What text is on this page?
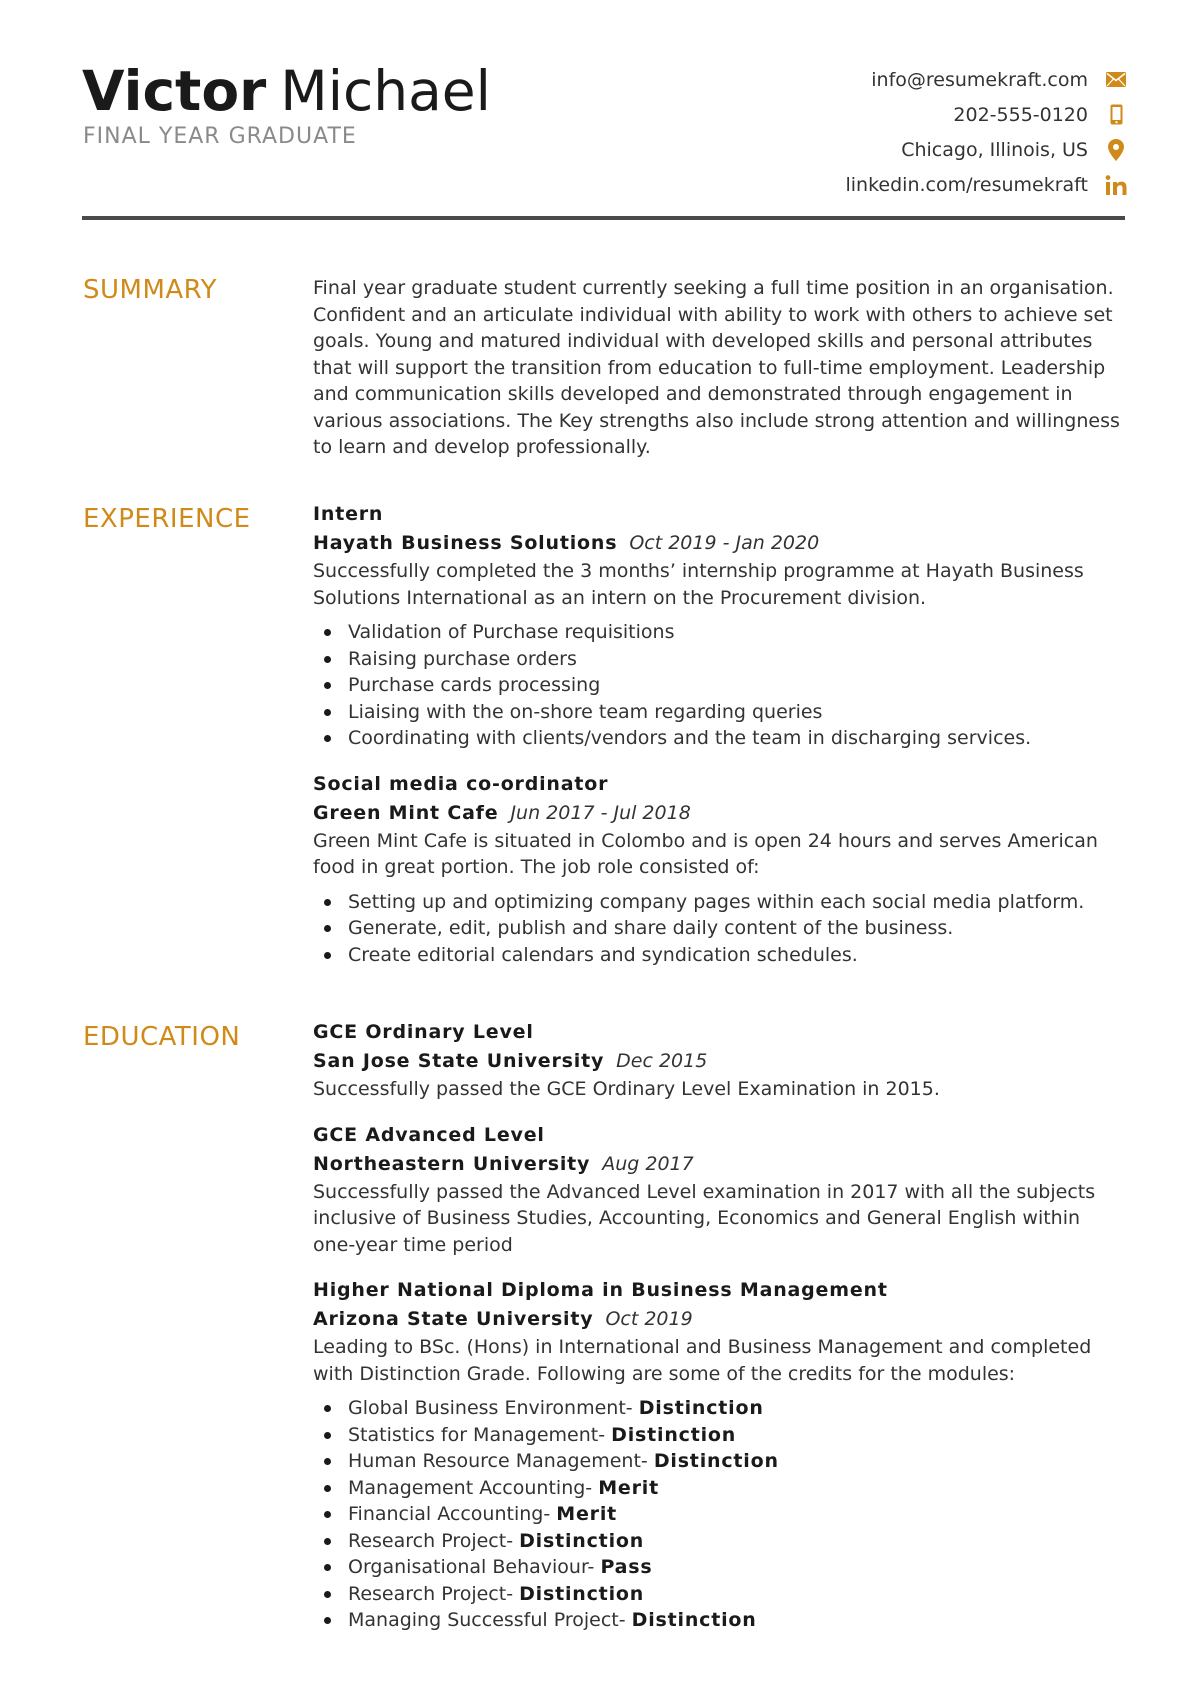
Victor Michael
FINAL YEAR GRADUATE
info@resumekraft.com
202-555-0120
Chicago, Illinois, US
linkedin.com/resumekraft
SUMMARY	Final year graduate student currently seeking a full time position in an organisation. Confident and an articulate individual with ability to work with others to achieve set goals. Young and matured individual with developed skills and personal attributes that will support the transition from education to full-time employment. Leadership and communication skills developed and demonstrated through engagement in various associations. The Key strengths also include strong attention and willingness to learn and develop professionally.

EXPERIENCE	Intern
Hayath Business Solutions Oct 2019 - Jan 2020

Successfully completed the 3 months’ internship programme at Hayath Business Solutions International as an intern on the Procurement division.

Validation of Purchase requisitions
Raising purchase orders
Purchase cards processing
Liaising with the on-shore team regarding queries
Coordinating with clients/vendors and the team in discharging services.
Social media co-ordinator
Green Mint Cafe Jun 2017 - Jul 2018

Green Mint Cafe is situated in Colombo and is open 24 hours and serves American food in great portion. The job role consisted of:

Setting up and optimizing company pages within each social media platform.
Generate, edit, publish and share daily content of the business.
Create editorial calendars and syndication schedules.
EDUCATION	GCE Ordinary Level
San Jose State University Dec 2015

Successfully passed the GCE Ordinary Level Examination in 2015.

GCE Advanced Level
Northeastern University Aug 2017

Successfully passed the Advanced Level examination in 2017 with all the subjects inclusive of Business Studies, Accounting, Economics and General English within one-year time period

Higher National Diploma in Business Management
Arizona State University Oct 2019

Leading to BSc. (Hons) in International and Business Management and completed with Distinction Grade. Following are some of the credits for the modules:

Global Business Environment- Distinction
Statistics for Management- Distinction
Human Resource Management- Distinction
Management Accounting- Merit
Financial Accounting- Merit
Research Project- Distinction
Organisational Behaviour- Pass
Research Project- Distinction
Managing Successful Project- Distinction
